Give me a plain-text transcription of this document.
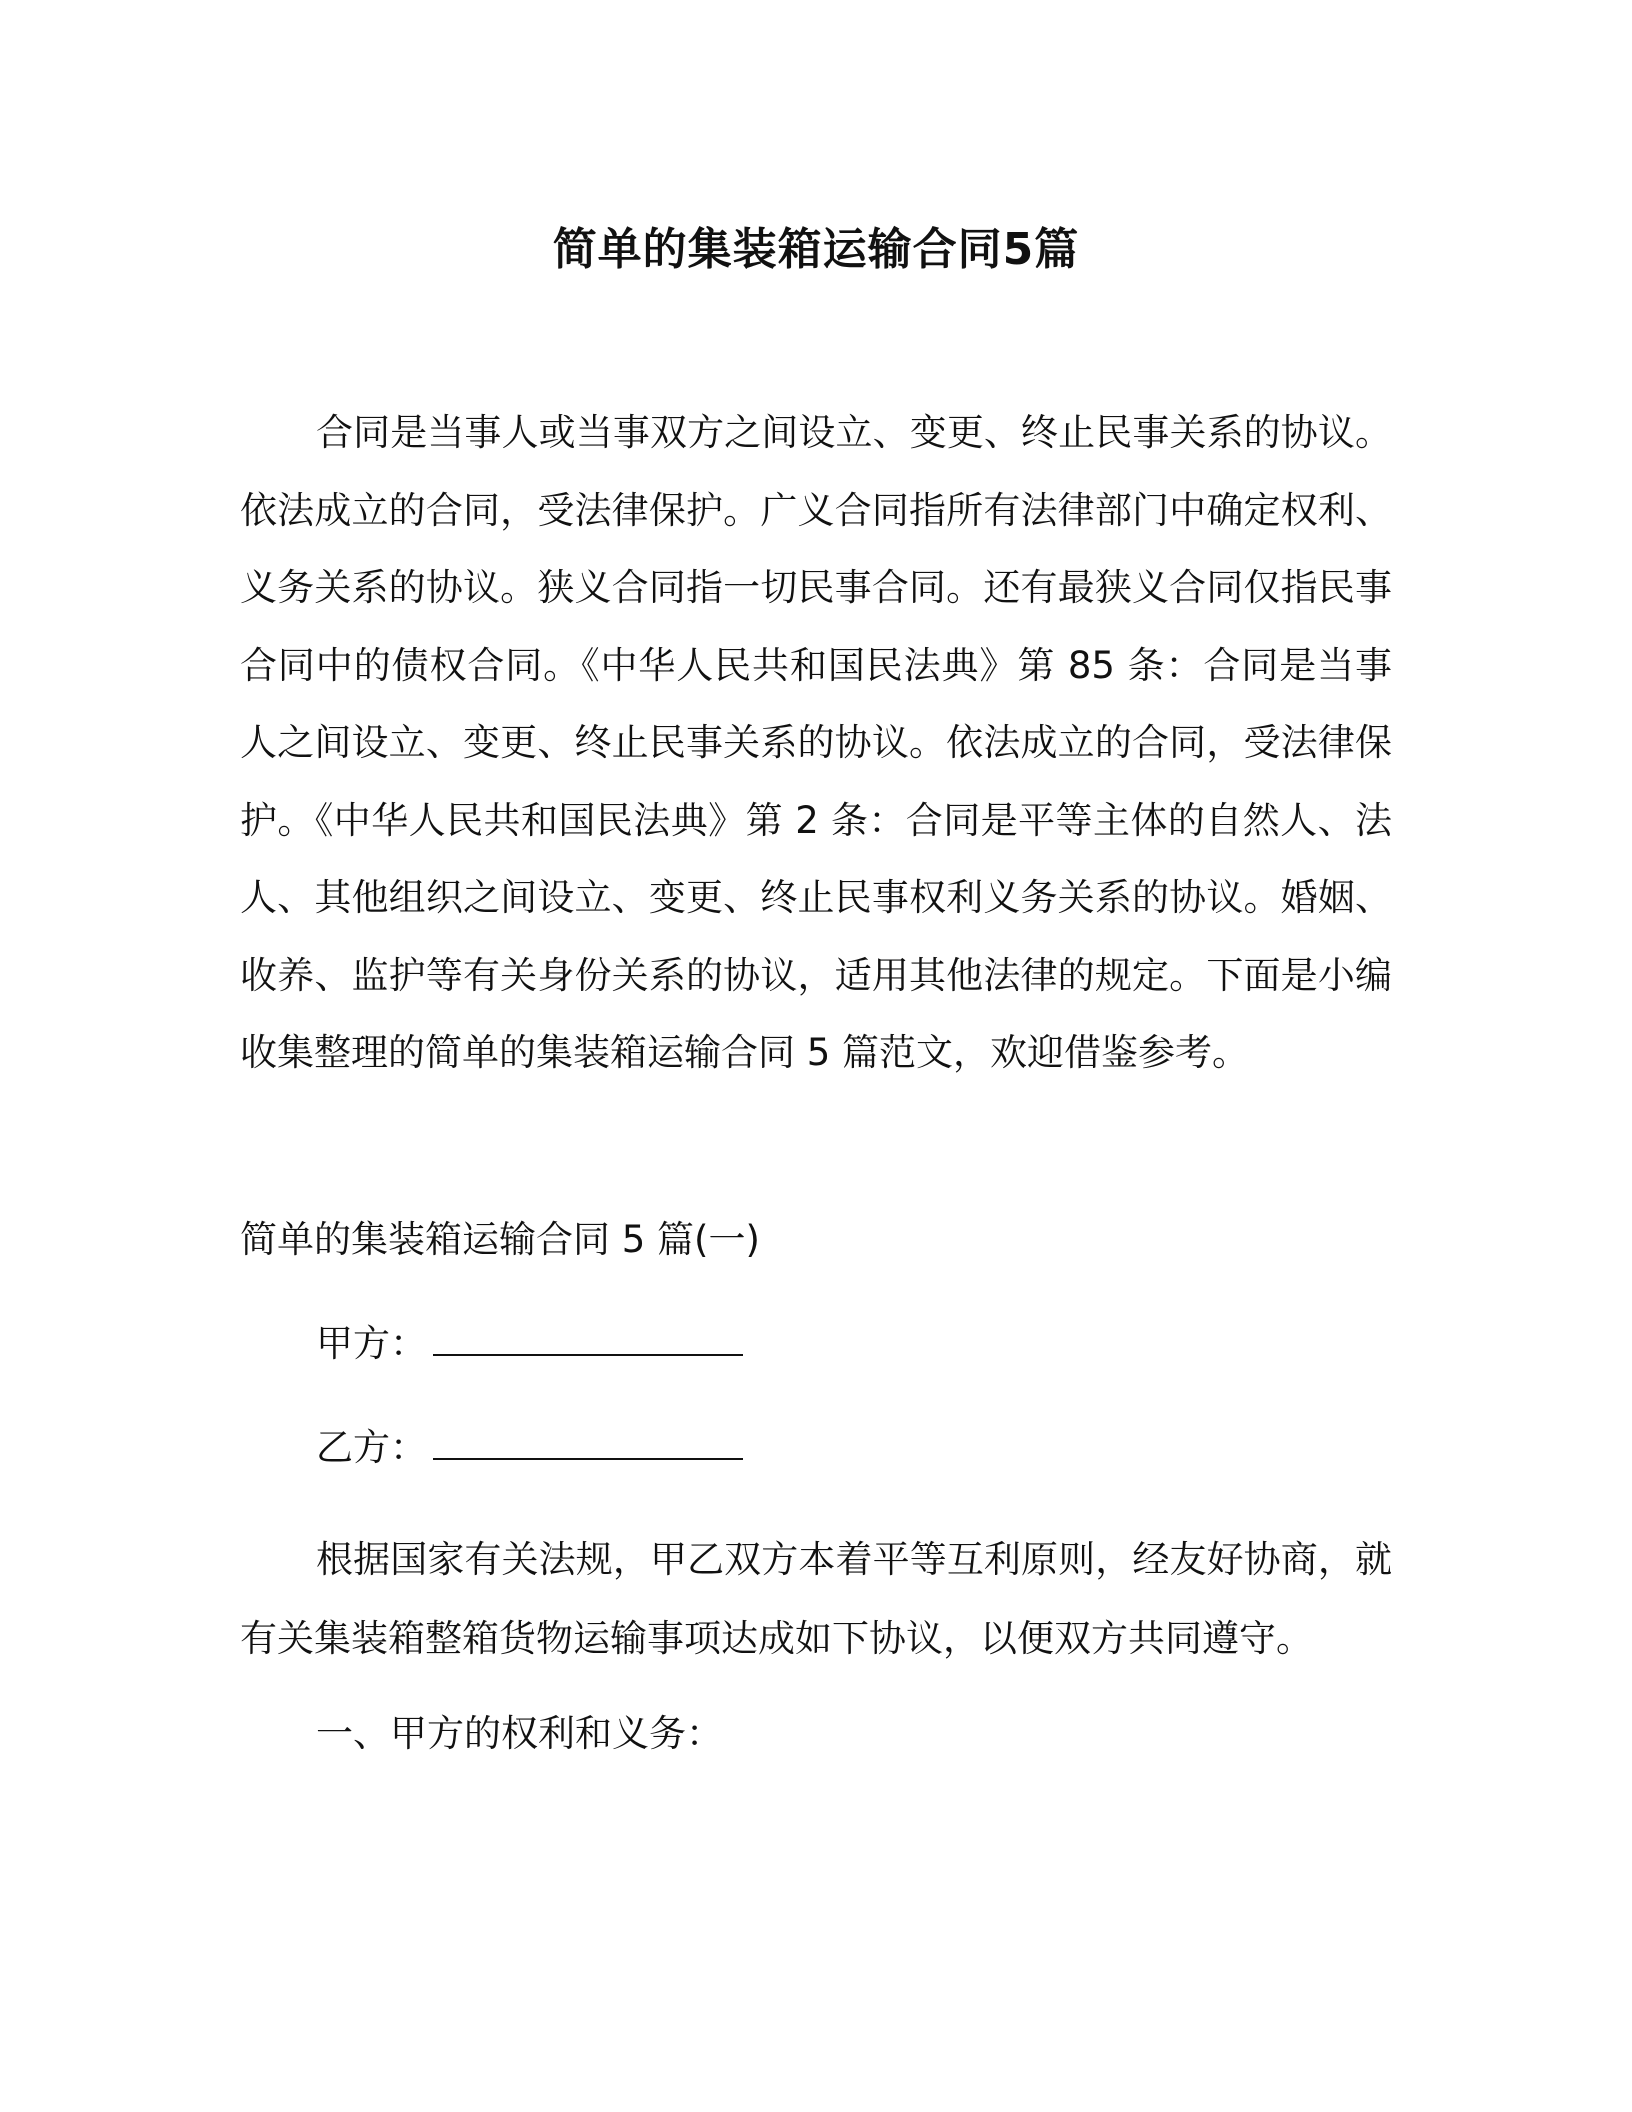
简单的集装箱运输合同5篇

合同是当事人或当事双方之间设立、变更、终止民事关系的协议。依法成立的合同，受法律保护。广义合同指所有法律部门中确定权利、义务关系的协议。狭义合同指一切民事合同。还有最狭义合同仅指民事合同中的债权合同。《中华人民共和国民法典》第 85 条：合同是当事人之间设立、变更、终止民事关系的协议。依法成立的合同，受法律保护。《中华人民共和国民法典》第 2 条：合同是平等主体的自然人、法人、其他组织之间设立、变更、终止民事权利义务关系的协议。婚姻、收养、监护等有关身份关系的协议，适用其他法律的规定。下面是小编收集整理的简单的集装箱运输合同 5 篇范文，欢迎借鉴参考。

简单的集装箱运输合同 5 篇(一)

甲方：

乙方：

根据国家有关法规，甲乙双方本着平等互利原则，经友好协商，就有关集装箱整箱货物运输事项达成如下协议，以便双方共同遵守。

一、甲方的权利和义务：
